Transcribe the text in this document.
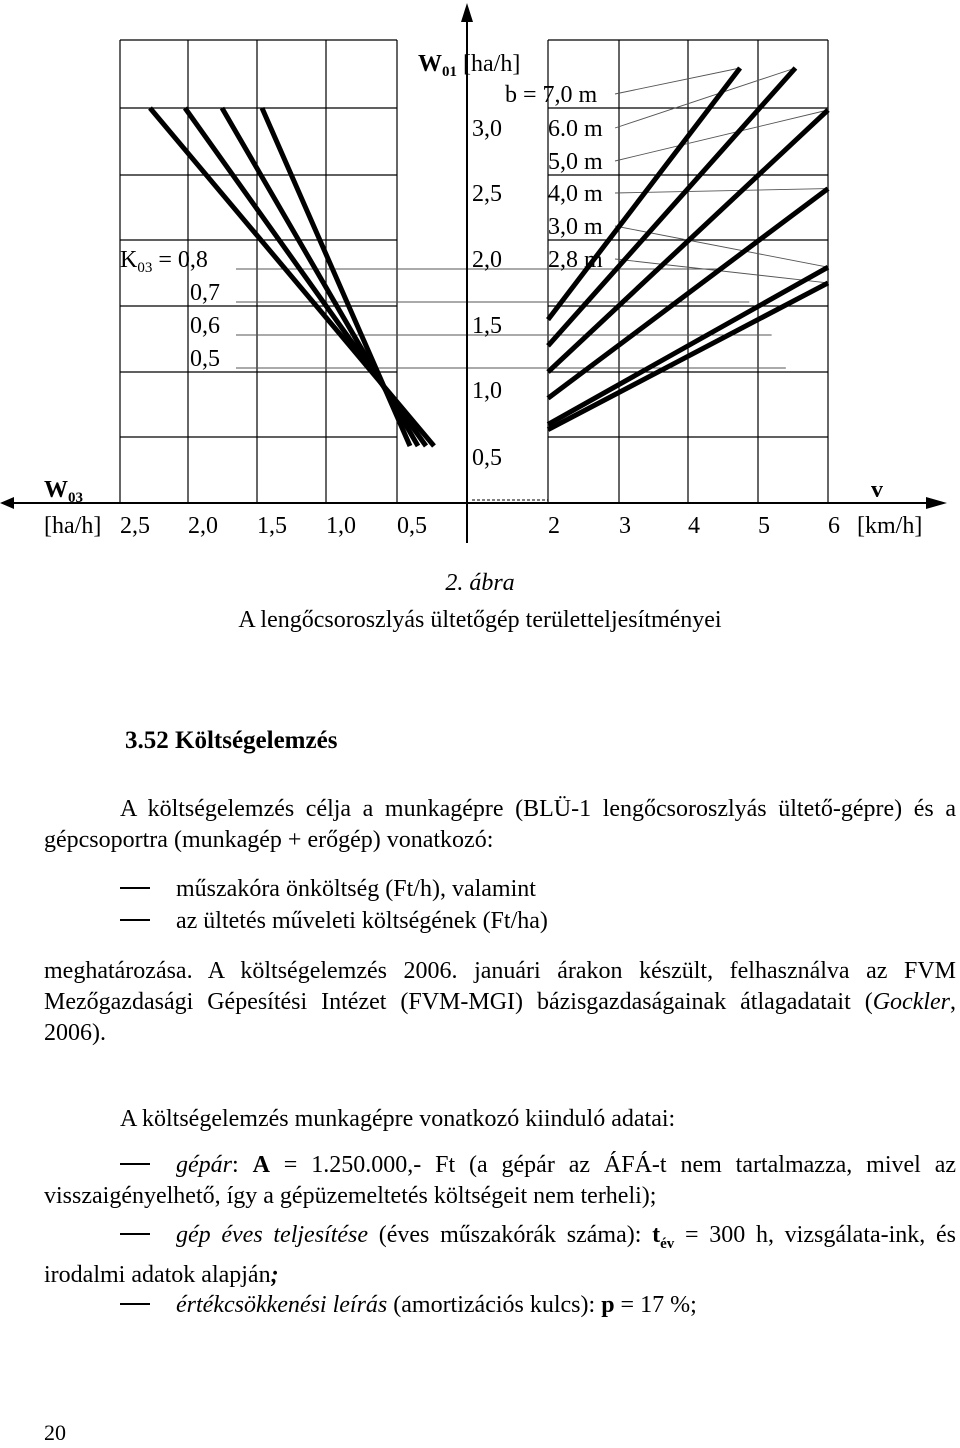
$W_{01}$ [ha/h]
3,0
2,5
2,0
1,5
1,0
0,5
b = 7,0 m
6.0 m
5,0 m
4,0 m
3,0 m
2,8 m
$K_{03} = 0,8$
0,7
0,6
0,5
$W_{03}$
[ha/h] 2,5 2,0 1,5 1,0 0,5
v
2 3 4 5 6 [km/h]
2. ábra
A lengőcsoroszlyás ültetőgép területteljesítményei
3.52 Költségelemzés

A költségelemzés célja a munkagépre (BLÜ-1 lengőcsoroszlyás ültető-gépre) és a gépcsoportra (munkagép + erőgép) vonatkozó:

műszakóra önköltség (Ft/h), valamint
az ültetés műveleti költségének (Ft/ha)

meghatározása. A költségelemzés 2006. januári árakon készült, felhasználva az FVM Mezőgazdasági Gépesítési Intézet (FVM-MGI) bázisgazdaságainak átlagadatait (Gockler, 2006).

A költségelemzés munkagépre vonatkozó kiinduló adatai:

gépár: A = 1.250.000,- Ft (a gépár az ÁFÁ-t nem tartalmazza, mivel az visszaigényelhető, így a gépüzemeltetés költségeit nem terheli);

gép éves teljesítése (éves műszakórák száma): $t_{év} = 300$ h, vizsgálata-ink, és irodalmi adatok alapján;

értékcsökkenési leírás (amortizációs kulcs): p = 17 %;

20
